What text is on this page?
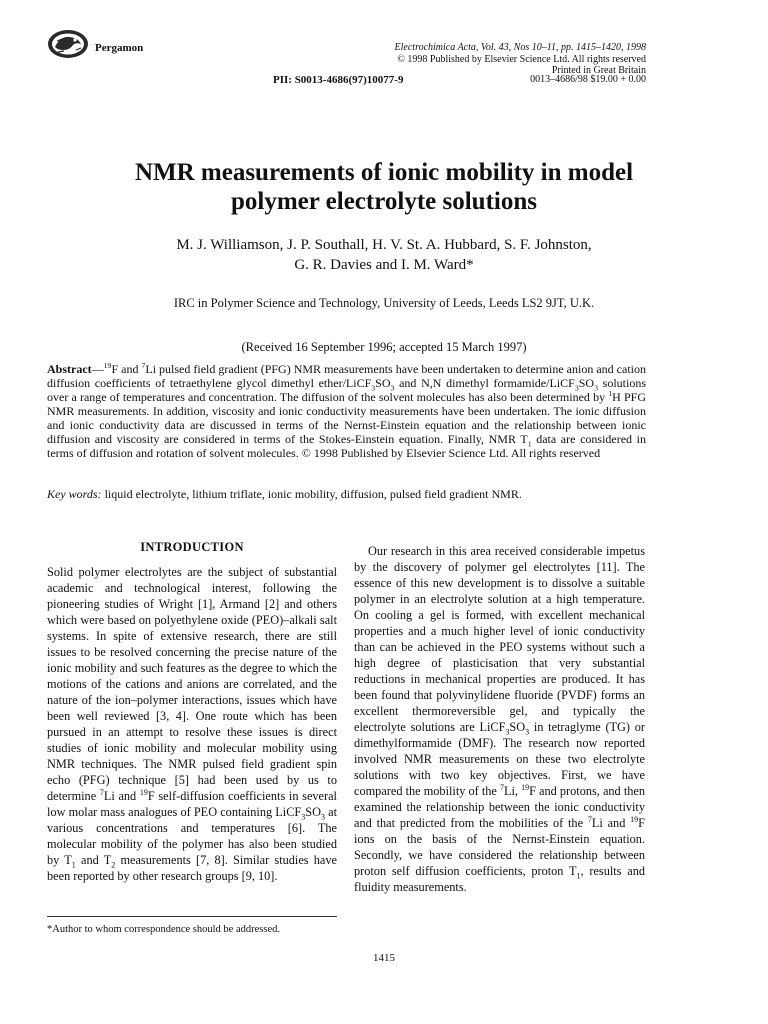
Pergamon	Electrochimica Acta, Vol. 43, Nos 10–11, pp. 1415–1420, 1998
© 1998 Published by Elsevier Science Ltd. All rights reserved
Printed in Great Britain
PII: S0013-4686(97)10077-9	0013–4686/98 $19.00 + 0.00
NMR measurements of ionic mobility in model
polymer electrolyte solutions
M. J. Williamson, J. P. Southall, H. V. St. A. Hubbard, S. F. Johnston,
G. R. Davies and I. M. Ward*
IRC in Polymer Science and Technology, University of Leeds, Leeds LS2 9JT, U.K.
(Received 16 September 1996; accepted 15 March 1997)
Abstract—$^{19}$F and $^7$Li pulsed field gradient (PFG) NMR measurements have been undertaken to determine anion and cation diffusion coefficients of tetraethylene glycol dimethyl ether/$LiCF_3SO_3$ and N,N dimethyl formamide/$LiCF_3SO_3$ solutions over a range of temperatures and concentration. The diffusion of the solvent molecules has also been determined by $^1$H PFG NMR measurements. In addition, viscosity and ionic conductivity measurements have been undertaken. The ionic diffusion and ionic conductivity data are discussed in terms of the Nernst-Einstein equation and the relationship between ionic diffusion and viscosity are considered in terms of the Stokes-Einstein equation. Finally, NMR $T_1$ data are considered in terms of diffusion and rotation of solvent molecules. © 1998 Published by Elsevier Science Ltd. All rights reserved
Key words: liquid electrolyte, lithium triflate, ionic mobility, diffusion, pulsed field gradient NMR.
INTRODUCTION
Solid polymer electrolytes are the subject of substantial academic and technological interest, following the pioneering studies of Wright [1], Armand [2] and others which were based on polyethylene oxide (PEO)–alkali salt systems. In spite of extensive research, there are still issues to be resolved concerning the precise nature of the ionic mobility and such features as the degree to which the motions of the cations and anions are correlated, and the nature of the ion–polymer interactions, issues which have been well reviewed [3, 4]. One route which has been pursued in an attempt to resolve these issues is direct studies of ionic mobility and molecular mobility using NMR techniques. The NMR pulsed field gradient spin echo (PFG) technique [5] had been used by us to determine $^7$Li and $^{19}$F self-diffusion coefficients in several low molar mass analogues of PEO containing $LiCF_3SO_3$ at various concentrations and temperatures [6]. The molecular mobility of the polymer has also been studied by $T_1$ and $T_2$ measurements [7, 8]. Similar studies have been reported by other research groups [9, 10].
Our research in this area received considerable impetus by the discovery of polymer gel electrolytes [11]. The essence of this new development is to dissolve a suitable polymer in an electrolyte solution at a high temperature. On cooling a gel is formed, with excellent mechanical properties and a much higher level of ionic conductivity than can be achieved in the PEO systems without such a high degree of plasticisation that very substantial reductions in mechanical properties are produced. It has been found that polyvinylidene fluoride (PVDF) forms an excellent thermoreversible gel, and typically the electrolyte solutions are $LiCF_3SO_3$ in tetraglyme (TG) or dimethylformamide (DMF). The research now reported involved NMR measurements on these two electrolyte solutions with two key objectives. First, we have compared the mobility of the $^7$Li, $^{19}$F and protons, and then examined the relationship between the ionic conductivity and that predicted from the mobilities of the $^7$Li and $^{19}$F ions on the basis of the Nernst-Einstein equation. Secondly, we have considered the relationship between proton self diffusion coefficients, proton $T_1$, results and fluidity measurements.
*Author to whom correspondence should be addressed.
1415
